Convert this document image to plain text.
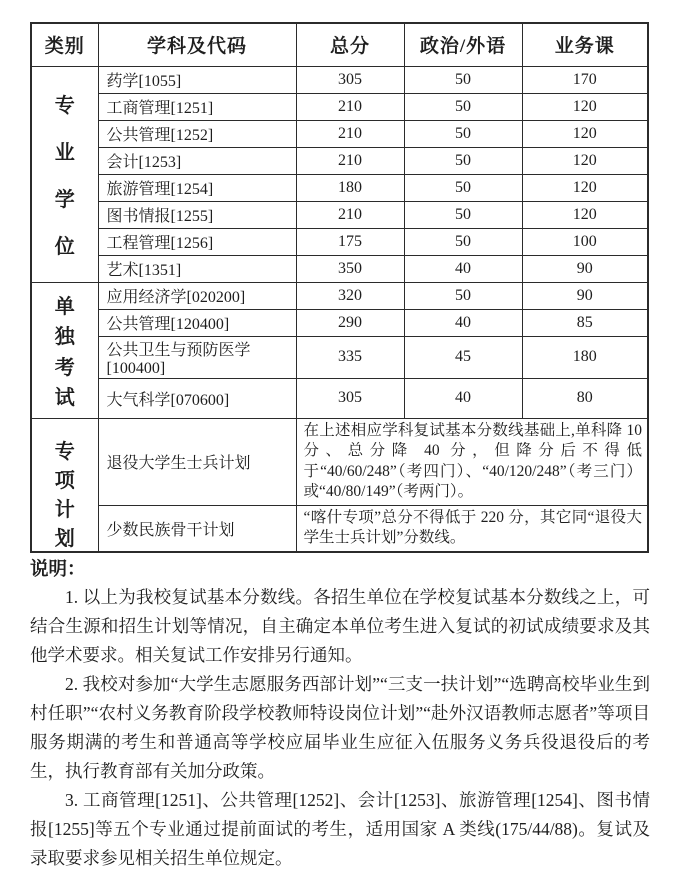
类别	学科及代码	总分	政治/外语	业务课

专
业
学
位	药学[1055]	305	50	170
	工商管理[1251]	210	50	120
	公共管理[1252]	210	50	120
	会计[1253]	210	50	120
	旅游管理[1254]	180	50	120
	图书情报[1255]	210	50	120
	工程管理[1256]	175	50	100
	艺术[1351]	350	40	90

单
独
考
试	应用经济学[020200]	320	50	90
	公共管理[120400]	290	40	85
	公共卫生与预防医学[100400]	335	45	180
	大气科学[070600]	305	40	80

专
项
计
划	退役大学生士兵计划	在上述相应学科复试基本分数线基础上,单科降 10 分、总分降 40 分，但降分后不得低于“40/60/248”（考四门）、“40/120/248”（考三门）或“40/80/149”（考两门）。		
	少数民族骨干计划	“喀什专项”总分不得低于 220 分，其它同“退役大学生士兵计划”分数线。		
说明：

1. 以上为我校复试基本分数线。各招生单位在学校复试基本分数线之上，可结合生源和招生计划等情况，自主确定本单位考生进入复试的初试成绩要求及其他学术要求。相关复试工作安排另行通知。

2. 我校对参加“大学生志愿服务西部计划”“三支一扶计划”“选聘高校毕业生到村任职”“农村义务教育阶段学校教师特设岗位计划”“赴外汉语教师志愿者”等项目服务期满的考生和普通高等学校应届毕业生应征入伍服务义务兵役退役后的考生，执行教育部有关加分政策。

3. 工商管理[1251]、公共管理[1252]、会计[1253]、旅游管理[1254]、图书情报[1255]等五个专业通过提前面试的考生，适用国家 A 类线(175/44/88)。复试及录取要求参见相关招生单位规定。
